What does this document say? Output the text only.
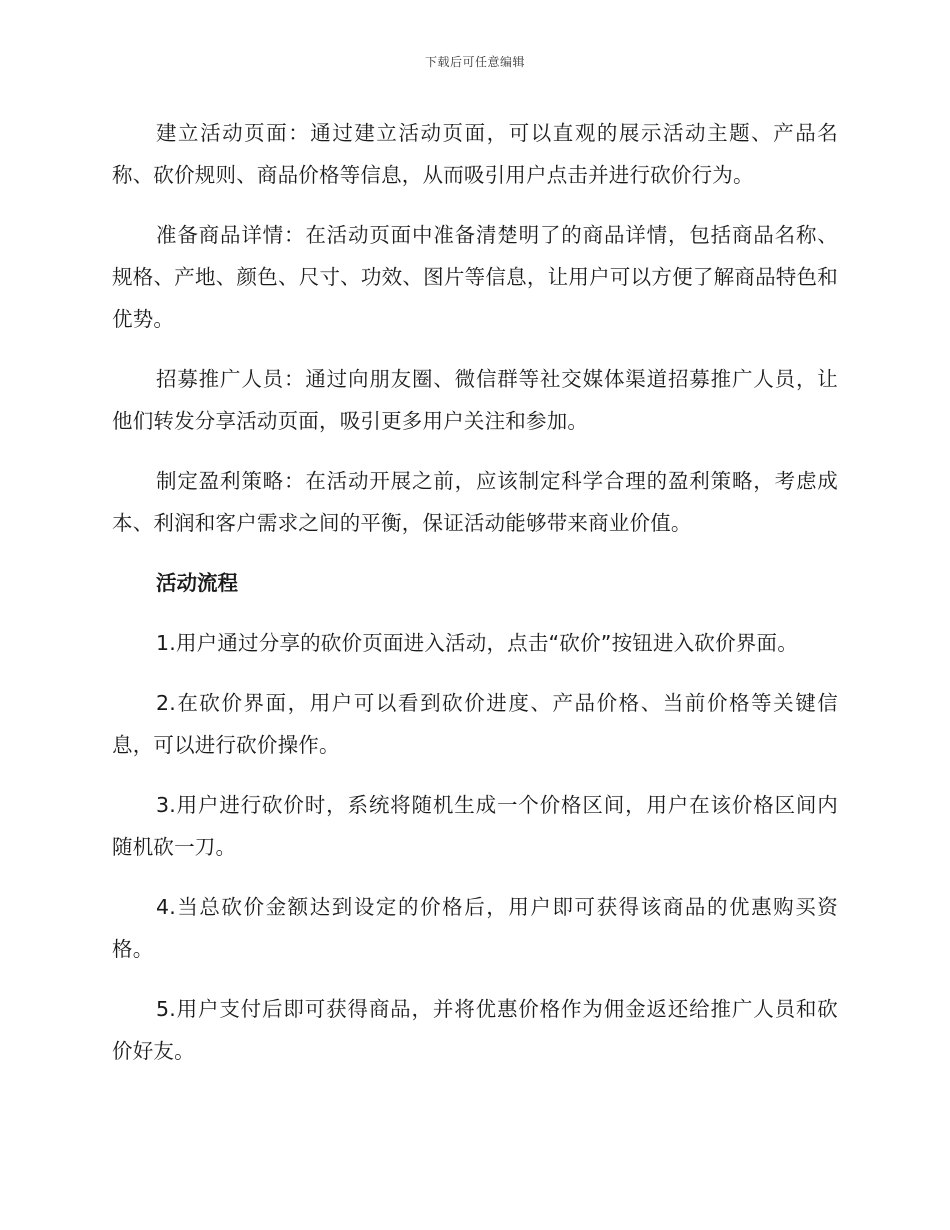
下载后可任意编辑

建立活动页面：通过建立活动页面，可以直观的展示活动主题、产品名称、砍价规则、商品价格等信息，从而吸引用户点击并进行砍价行为。

准备商品详情：在活动页面中准备清楚明了的商品详情，包括商品名称、规格、产地、颜色、尺寸、功效、图片等信息，让用户可以方便了解商品特色和优势。

招募推广人员：通过向朋友圈、微信群等社交媒体渠道招募推广人员，让他们转发分享活动页面，吸引更多用户关注和参加。

制定盈利策略：在活动开展之前，应该制定科学合理的盈利策略，考虑成本、利润和客户需求之间的平衡，保证活动能够带来商业价值。

活动流程

1.用户通过分享的砍价页面进入活动，点击“砍价”按钮进入砍价界面。

2.在砍价界面，用户可以看到砍价进度、产品价格、当前价格等关键信息，可以进行砍价操作。

3.用户进行砍价时，系统将随机生成一个价格区间，用户在该价格区间内随机砍一刀。

4.当总砍价金额达到设定的价格后，用户即可获得该商品的优惠购买资格。

5.用户支付后即可获得商品，并将优惠价格作为佣金返还给推广人员和砍价好友。
